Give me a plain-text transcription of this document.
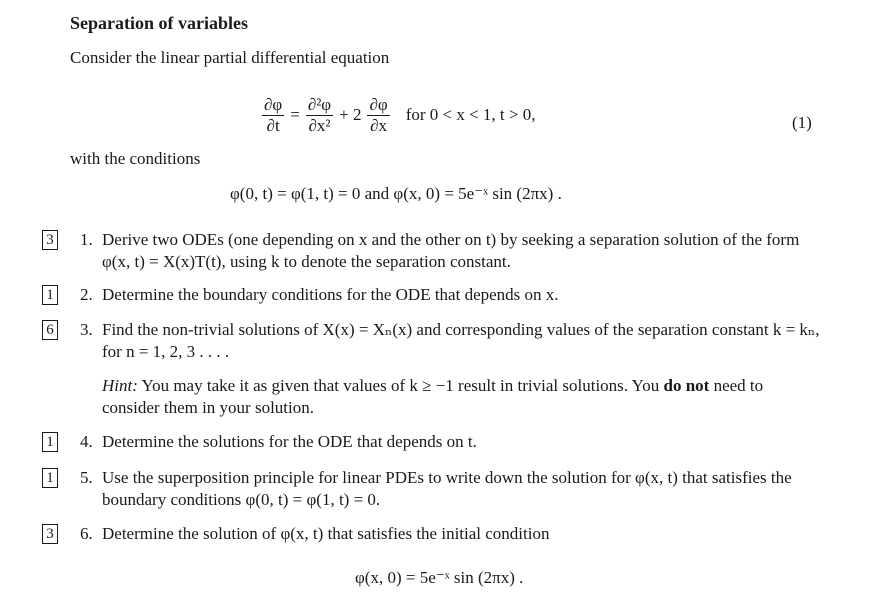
Separation of variables
Consider the linear partial differential equation
$\frac{\partial\varphi}{\partial t} = \frac{\text{∂²φ}}{\text{∂x²}} + 2 \frac{\partial\varphi}{\partial x}$ for 0 < x < 1, t > 0,	(1)
with the conditions
φ(0, t) = φ(1, t) = 0 and φ(x, 0) = 5e⁻ˣ sin (2πx) .
3 1. Derive two ODEs (one depending on x and the other on t) by seeking a separation solution of the form φ(x, t) = X(x)T(t), using k to denote the separation constant.
1 2. Determine the boundary conditions for the ODE that depends on x.
6 3. Find the non-trivial solutions of X(x) = Xₙ(x) and corresponding values of the separation constant k = kₙ, for n = 1, 2, 3 . . . .
Hint: You may take it as given that values of k ≥ −1 result in trivial solutions. You do not need to consider them in your solution.
1 4. Determine the solutions for the ODE that depends on t.
1 5. Use the superposition principle for linear PDEs to write down the solution for φ(x, t) that satisfies the boundary conditions φ(0, t) = φ(1, t) = 0.
3 6. Determine the solution of φ(x, t) that satisfies the initial condition
φ(x, 0) = 5e⁻ˣ sin (2πx) .
